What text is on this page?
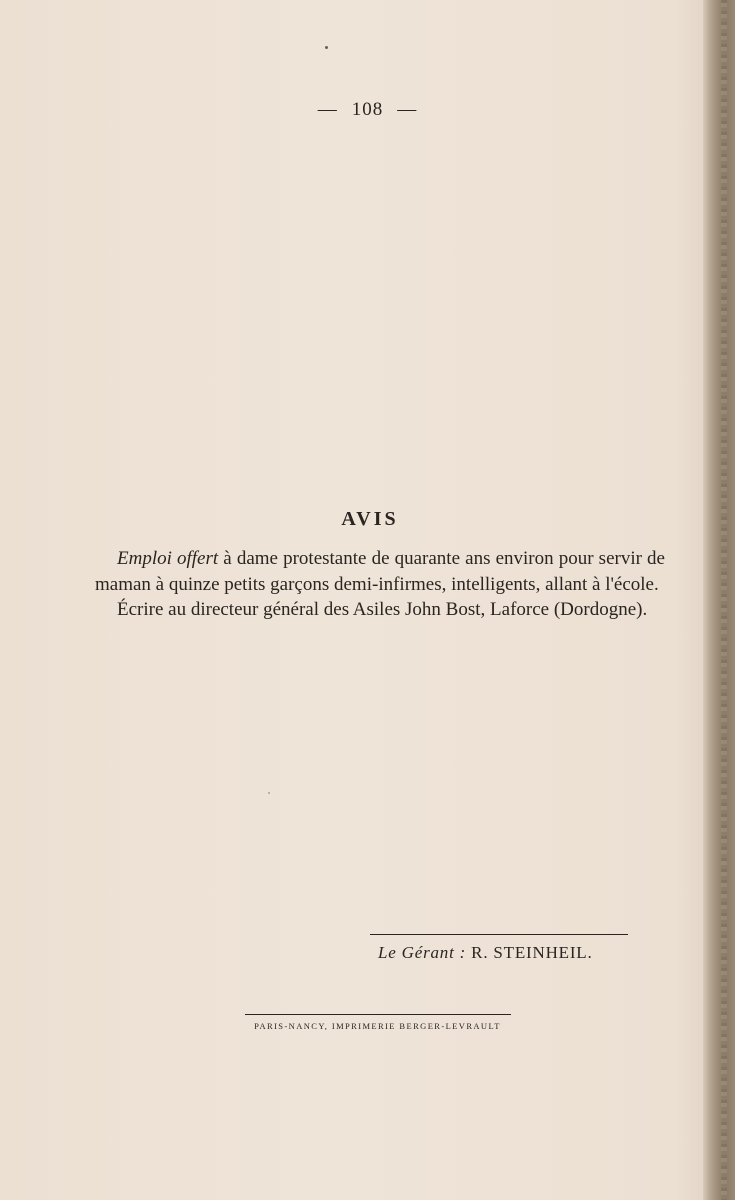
— 108 —
AVIS

Emploi offert à dame protestante de quarante ans environ pour servir de maman à quinze petits garçons demi-infirmes, intelligents, allant à l'école.

Écrire au directeur général des Asiles John Bost, Laforce (Dordogne).

Le Gérant : R. STEINHEIL.
PARIS-NANCY, IMPRIMERIE BERGER-LEVRAULT
